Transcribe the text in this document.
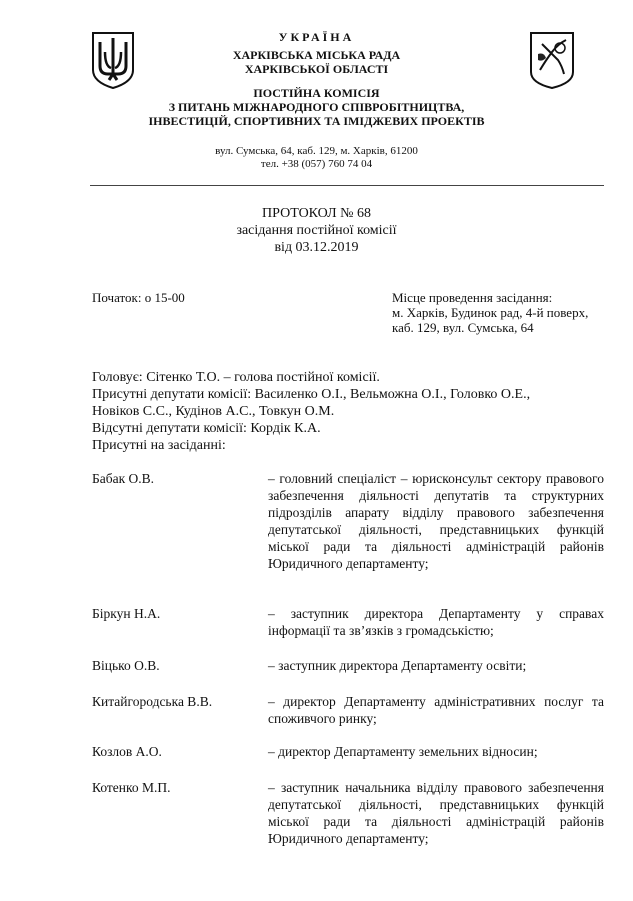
УКРАЇНА
ХАРКІВСЬКА МІСЬКА РАДА
ХАРКІВСЬКОЇ ОБЛАСТІ
ПОСТІЙНА КОМІСІЯ
З ПИТАНЬ МІЖНАРОДНОГО СПІВРОБІТНИЦТВА,
ІНВЕСТИЦІЙ, СПОРТИВНИХ ТА ІМІДЖЕВИХ ПРОЕКТІВ
вул. Сумська, 64, каб. 129, м. Харків, 61200
тел. +38 (057) 760 74 04
ПРОТОКОЛ № 68
засідання постійної комісії
від 03.12.2019
Початок: о 15-00	Місце проведення засідання:
м. Харків, Будинок рад, 4-й поверх,
каб. 129, вул. Сумська, 64
Головує: Сітенко Т.О. – голова постійної комісії.
Присутні депутати комісії: Василенко О.І., Вельможна О.І., Головко О.Е.,
Новіков С.С., Кудінов А.С., Товкун О.М.
Відсутні депутати комісії: Кордік К.А.
Присутні на засіданні:
Бабак О.В.	– головний спеціаліст – юрисконсульт сектору правового забезпечення діяльності депутатів та структурних підрозділів апарату відділу правового забезпечення депутатської діяльності, представницьких функцій міської ради та діяльності адміністрацій районів Юридичного департаменту;
Біркун Н.А.	– заступник директора Департаменту у справах інформації та зв’язків з громадськістю;
Віцько О.В.	– заступник директора Департаменту освіти;
Китайгородська В.В.	– директор Департаменту адміністративних послуг та споживчого ринку;
Козлов А.О.	– директор Департаменту земельних відносин;
Котенко М.П.	– заступник начальника відділу правового забезпечення депутатської діяльності, представницьких функцій міської ради та діяльності адміністрацій районів Юридичного департаменту;
